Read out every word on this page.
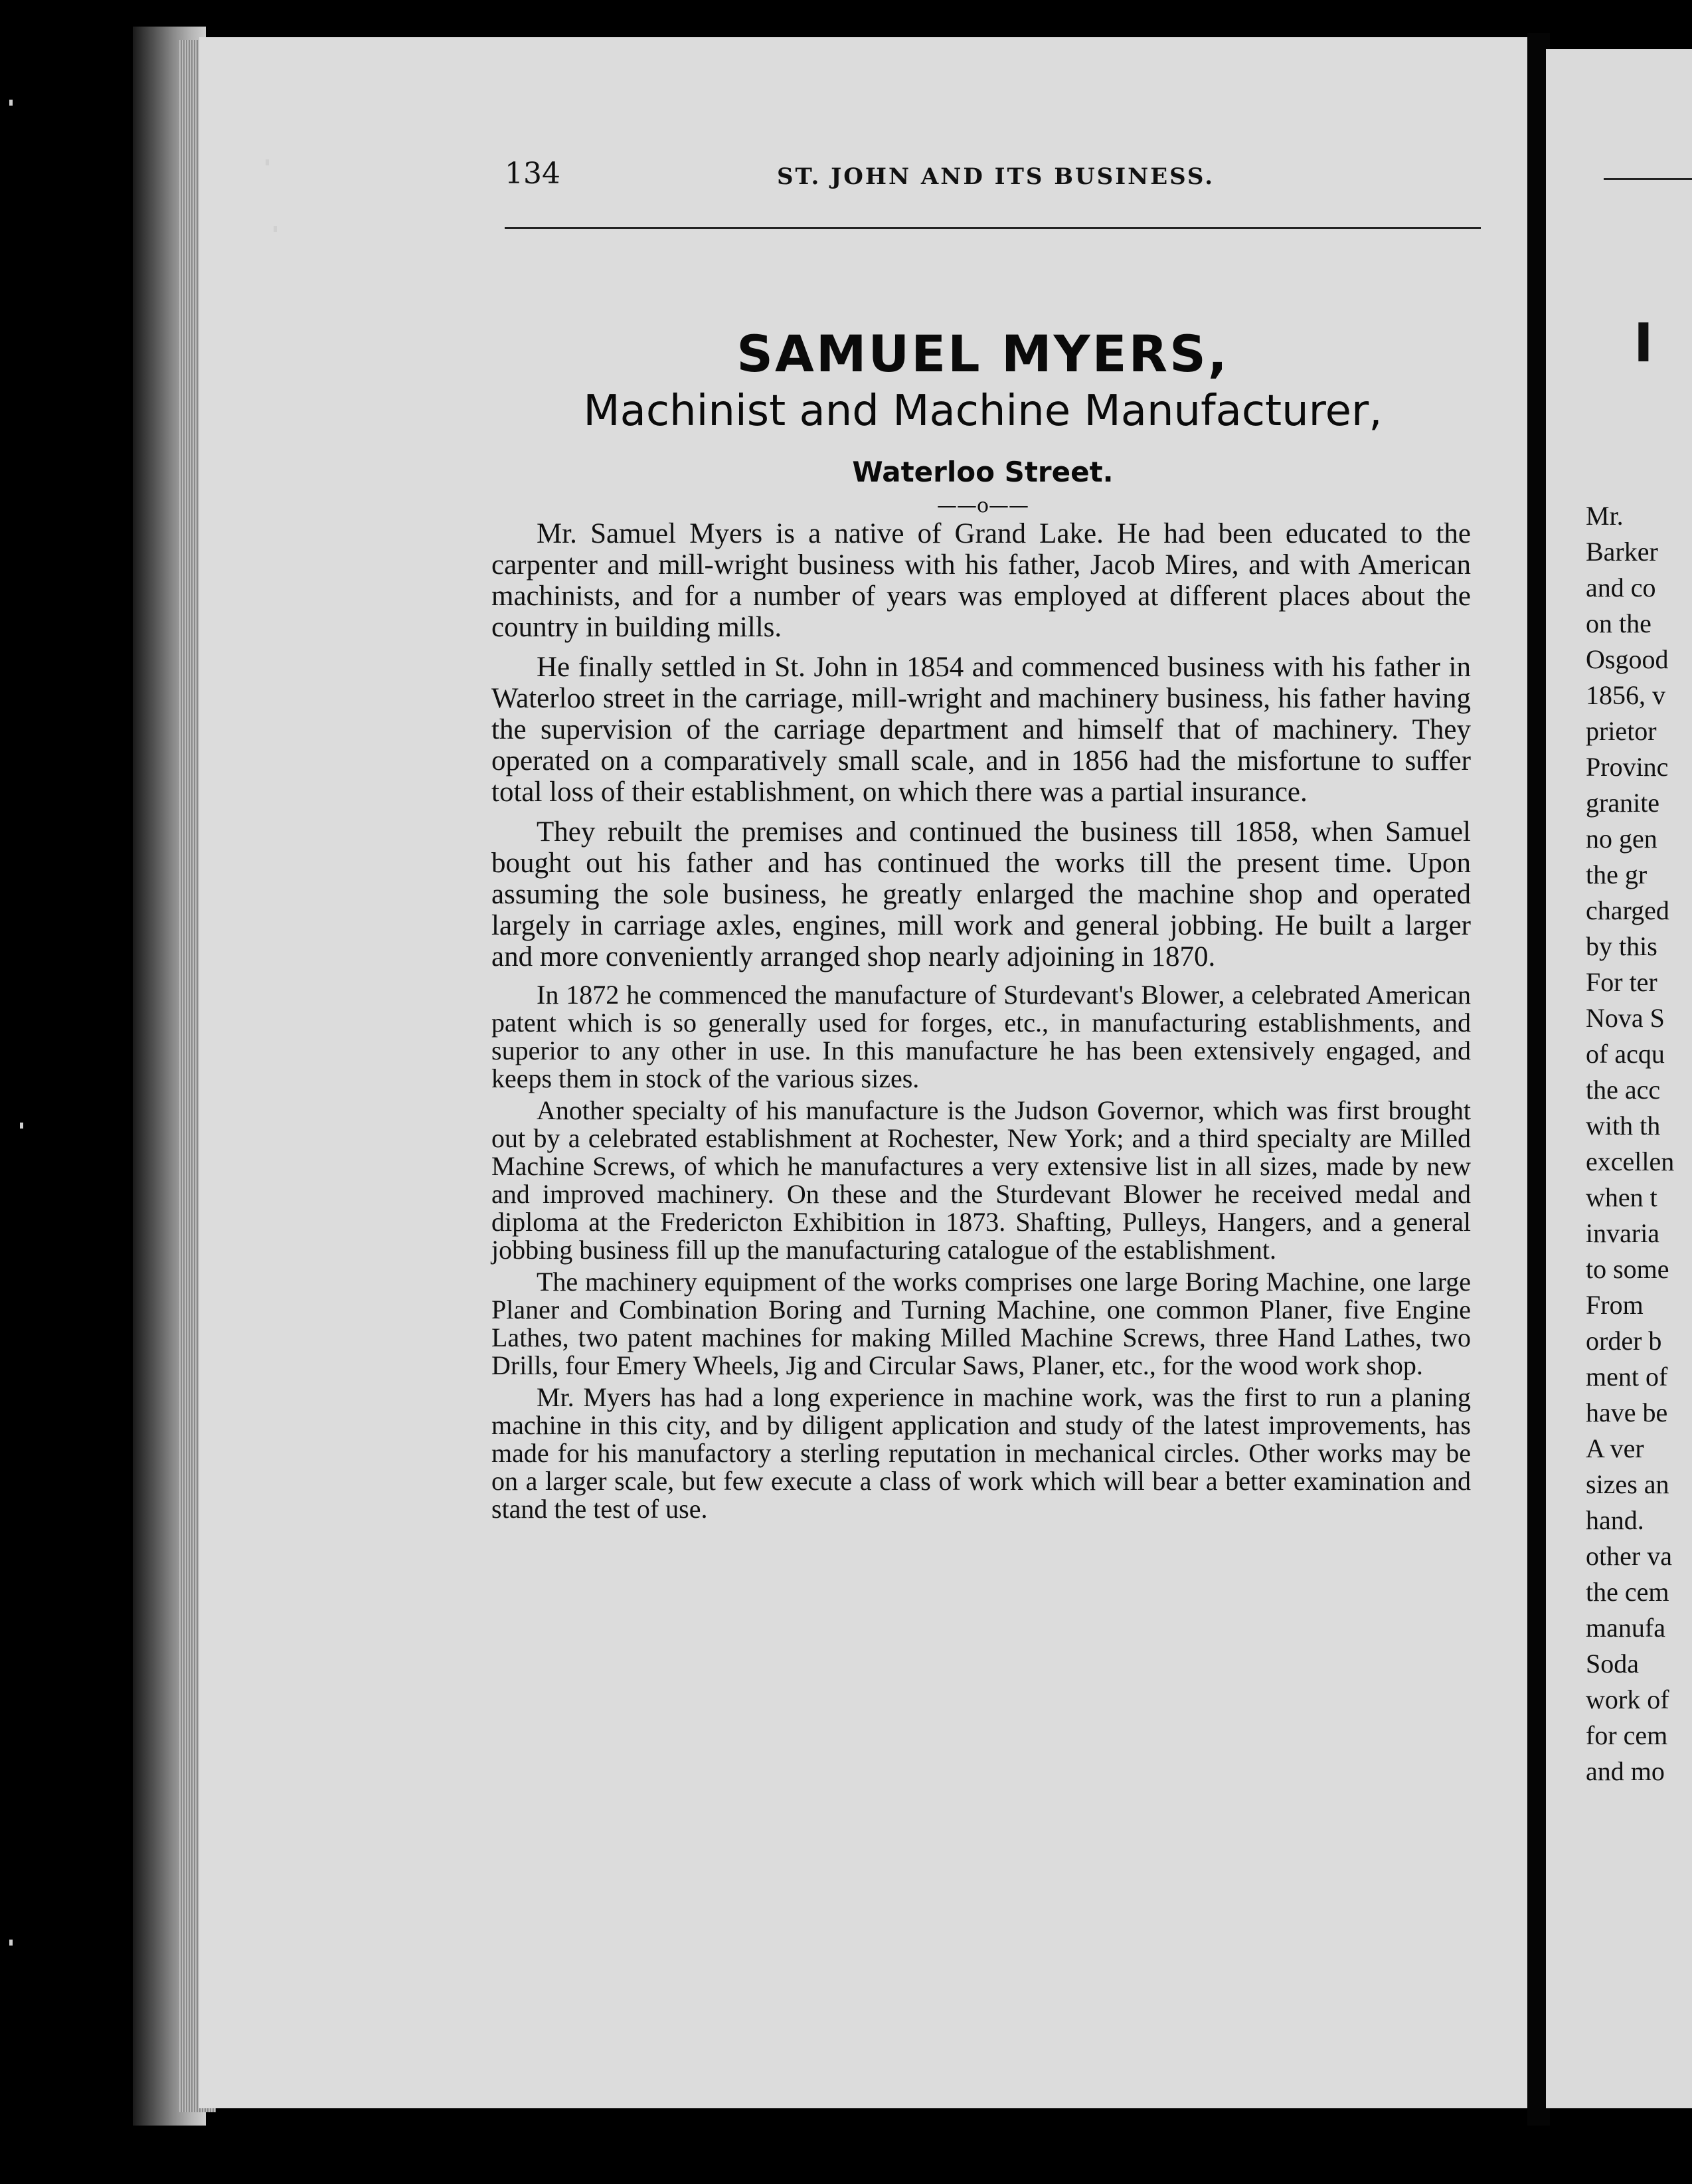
134	ST. JOHN AND ITS BUSINESS.
SAMUEL MYERS,
Machinist and Machine Manufacturer,
Waterloo Street.
——o——

Mr. Samuel Myers is a native of Grand Lake. He had been educated to the carpenter and mill-wright business with his father, Jacob Mires, and with American machinists, and for a number of years was employed at different places about the country in building mills.

He finally settled in St. John in 1854 and commenced business with his father in Waterloo street in the carriage, mill-wright and machinery business, his father having the supervision of the carriage department and himself that of machinery. They operated on a comparatively small scale, and in 1856 had the misfortune to suffer total loss of their establishment, on which there was a partial insurance.

They rebuilt the premises and continued the business till 1858, when Samuel bought out his father and has continued the works till the present time. Upon assuming the sole business, he greatly enlarged the machine shop and operated largely in carriage axles, engines, mill work and general jobbing. He built a larger and more conveniently arranged shop nearly adjoining in 1870.

In 1872 he commenced the manufacture of Sturdevant's Blower, a celebrated American patent which is so generally used for forges, etc., in manufacturing establishments, and superior to any other in use. In this manufacture he has been extensively engaged, and keeps them in stock of the various sizes.

Another specialty of his manufacture is the Judson Governor, which was first brought out by a celebrated establishment at Rochester, New York; and a third specialty are Milled Machine Screws, of which he manufactures a very extensive list in all sizes, made by new and improved machinery. On these and the Sturdevant Blower he received medal and diploma at the Fredericton Exhibition in 1873. Shafting, Pulleys, Hangers, and a general jobbing business fill up the manufacturing catalogue of the establishment.

The machinery equipment of the works comprises one large Boring Machine, one large Planer and Combination Boring and Turning Machine, one common Planer, five Engine Lathes, two patent machines for making Milled Machine Screws, three Hand Lathes, two Drills, four Emery Wheels, Jig and Circular Saws, Planer, etc., for the wood work shop.

Mr. Myers has had a long experience in machine work, was the first to run a planing machine in this city, and by diligent application and study of the latest improvements, has made for his manufactory a sterling reputation in mechanical circles. Other works may be on a larger scale, but few execute a class of work which will bear a better examination and stand the test of use.

I
Mr.
Barker
and co
on the
Osgood
1856, v
prietor
Provinc
granite
no gen
the gr
charged
by this
For ter
Nova S
of acqu
the acc
with th
excellen
when t
invaria
to some
From
order b
ment of
have be
A ver
sizes an
hand.
other va
the cem
manufa
Soda
work of
for cem
and mo
